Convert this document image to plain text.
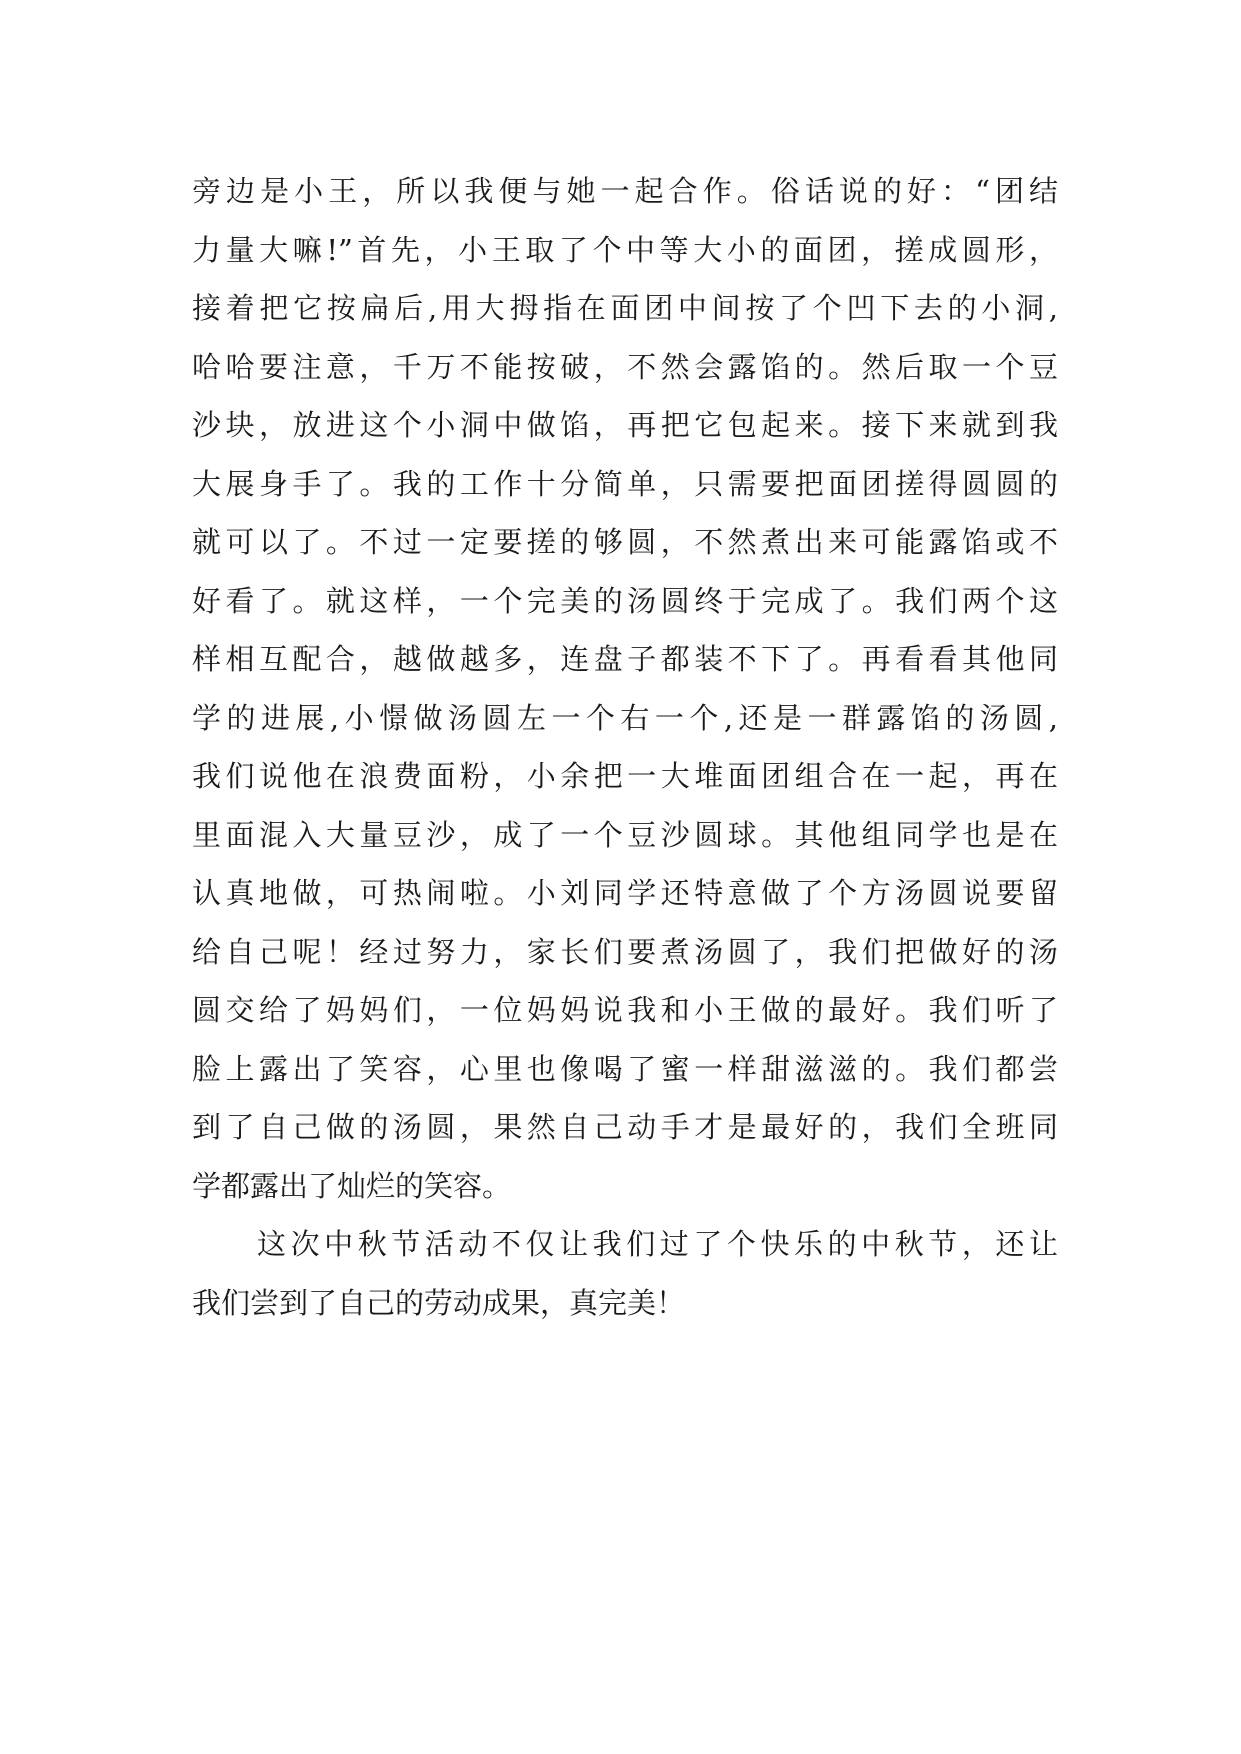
旁边是小王，所以我便与她一起合作。俗话说的好：“团结
力量大嘛!”首先，小王取了个中等大小的面团，搓成圆形，
接着把它按扁后,用大拇指在面团中间按了个凹下去的小洞,
哈哈要注意，千万不能按破，不然会露馅的。然后取一个豆
沙块，放进这个小洞中做馅，再把它包起来。接下来就到我
大展身手了。我的工作十分简单，只需要把面团搓得圆圆的
就可以了。不过一定要搓的够圆，不然煮出来可能露馅或不
好看了。就这样，一个完美的汤圆终于完成了。我们两个这
样相互配合，越做越多，连盘子都装不下了。再看看其他同
学的进展,小憬做汤圆左一个右一个,还是一群露馅的汤圆,
我们说他在浪费面粉，小余把一大堆面团组合在一起，再在
里面混入大量豆沙，成了一个豆沙圆球。其他组同学也是在
认真地做，可热闹啦。小刘同学还特意做了个方汤圆说要留
给自己呢！经过努力，家长们要煮汤圆了，我们把做好的汤
圆交给了妈妈们，一位妈妈说我和小王做的最好。我们听了
脸上露出了笑容，心里也像喝了蜜一样甜滋滋的。我们都尝
到了自己做的汤圆，果然自己动手才是最好的，我们全班同
学都露出了灿烂的笑容。
这次中秋节活动不仅让我们过了个快乐的中秋节，还让
我们尝到了自己的劳动成果，真完美！
